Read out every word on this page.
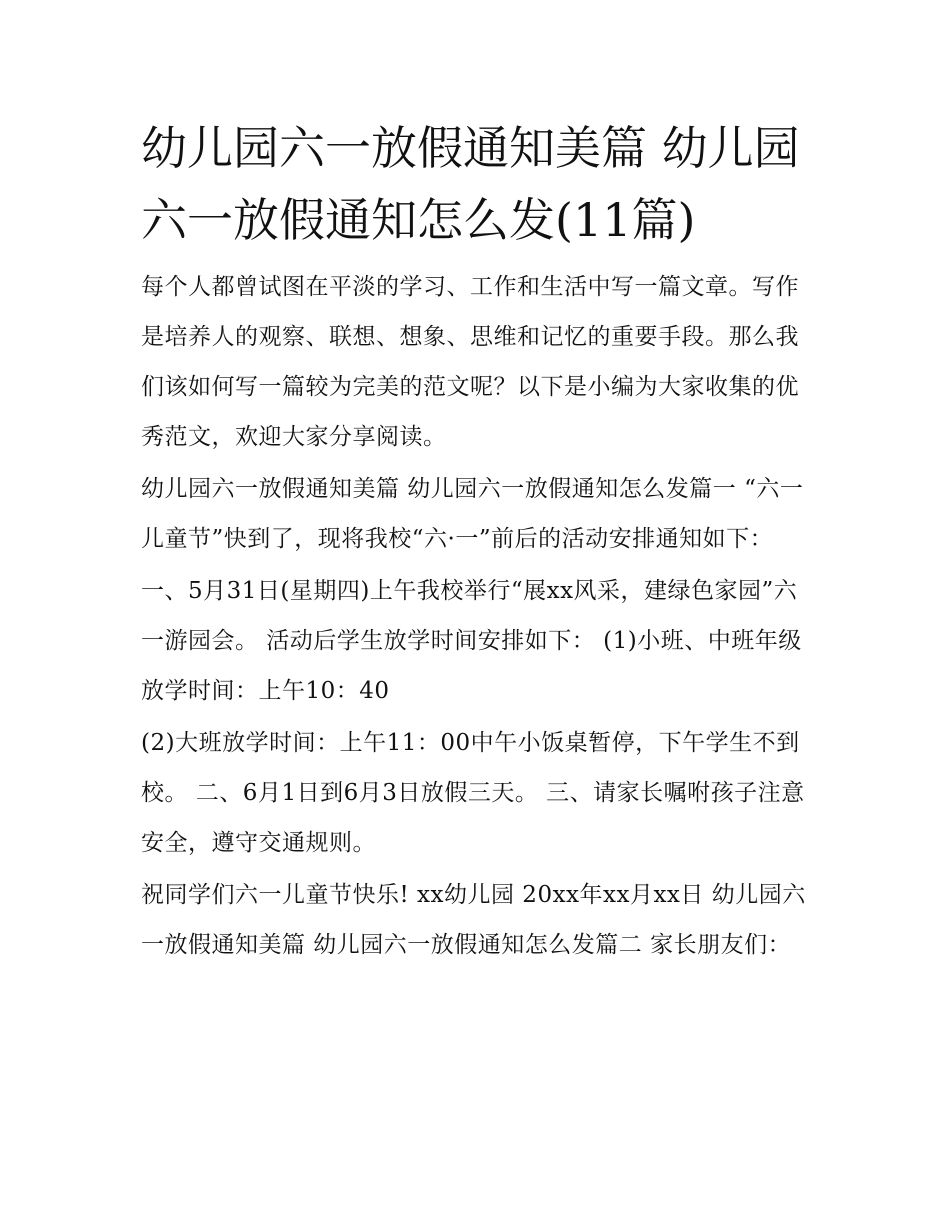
幼儿园六一放假通知美篇 幼儿园六一放假通知怎么发(11篇)

每个人都曾试图在平淡的学习、工作和生活中写一篇文章。写作是培养人的观察、联想、想象、思维和记忆的重要手段。那么我们该如何写一篇较为完美的范文呢？以下是小编为大家收集的优秀范文，欢迎大家分享阅读。

幼儿园六一放假通知美篇 幼儿园六一放假通知怎么发篇一 “六一儿童节”快到了，现将我校“六·一”前后的活动安排通知如下：

一、5月31日(星期四)上午我校举行“展xx风采，建绿色家园”六一游园会。 活动后学生放学时间安排如下： (1)小班、中班年级放学时间：上午10：40

(2)大班放学时间：上午11：00中午小饭桌暂停，下午学生不到校。 二、6月1日到6月3日放假三天。 三、请家长嘱咐孩子注意安全，遵守交通规则。

祝同学们六一儿童节快乐! xx幼儿园 20xx年xx月xx日 幼儿园六一放假通知美篇 幼儿园六一放假通知怎么发篇二 家长朋友们：
